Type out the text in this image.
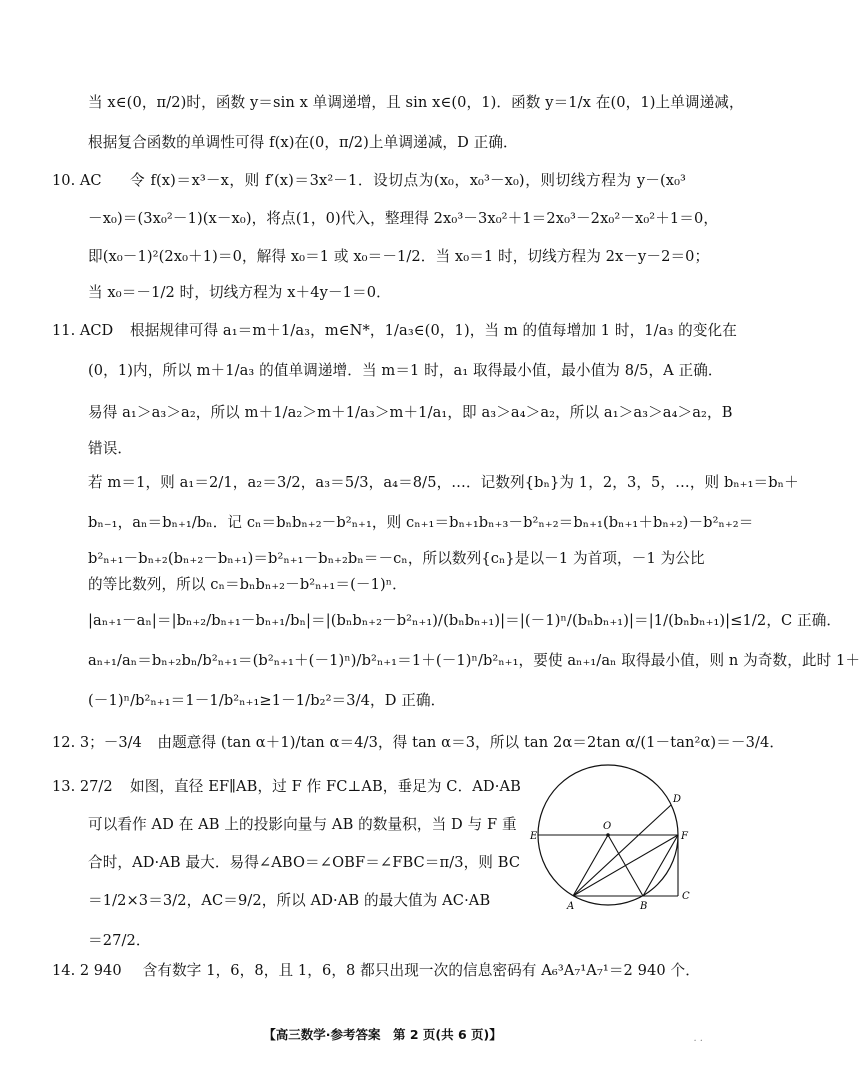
当 x∈(0，π/2)时，函数 y＝sin x 单调递增，且 sin x∈(0，1)．函数 y＝1/x 在(0，1)上单调递减，
根据复合函数的单调性可得 f(x)在(0，π/2)上单调递减，D 正确．
10. AC 令 f(x)＝x³－x，则 f′(x)＝3x²－1．设切点为(x₀，x₀³－x₀)，则切线方程为 y－(x₀³
－x₀)＝(3x₀²－1)(x－x₀)，将点(1，0)代入，整理得 2x₀³－3x₀²＋1＝2x₀³－2x₀²－x₀²＋1＝0，
即(x₀－1)²(2x₀＋1)＝0，解得 x₀＝1 或 x₀＝－1/2．当 x₀＝1 时，切线方程为 2x－y－2＝0；
当 x₀＝－1/2 时，切线方程为 x＋4y－1＝0．
11. ACD 根据规律可得 a₁＝m＋1/a₃，m∈N*，1/a₃∈(0，1)，当 m 的值每增加 1 时，1/a₃ 的变化在
(0，1)内，所以 m＋1/a₃ 的值单调递增．当 m＝1 时，a₁ 取得最小值，最小值为 8/5，A 正确．
易得 a₁＞a₃＞a₂，所以 m＋1/a₂＞m＋1/a₃＞m＋1/a₁，即 a₃＞a₄＞a₂，所以 a₁＞a₃＞a₄＞a₂，B
错误．
若 m＝1，则 a₁＝2/1，a₂＝3/2，a₃＝5/3，a₄＝8/5，…．记数列{bₙ}为 1，2，3，5，…，则 bₙ₊₁＝bₙ＋
bₙ₋₁，aₙ＝bₙ₊₁/bₙ．记 cₙ＝bₙbₙ₊₂－b²ₙ₊₁，则 cₙ₊₁＝bₙ₊₁bₙ₊₃－b²ₙ₊₂＝bₙ₊₁(bₙ₊₁＋bₙ₊₂)－b²ₙ₊₂＝
b²ₙ₊₁－bₙ₊₂(bₙ₊₂－bₙ₊₁)＝b²ₙ₊₁－bₙ₊₂bₙ＝－cₙ，所以数列{cₙ}是以－1 为首项，－1 为公比
的等比数列，所以 cₙ＝bₙbₙ₊₂－b²ₙ₊₁＝(－1)ⁿ．
|aₙ₊₁－aₙ|＝|bₙ₊₂/bₙ₊₁－bₙ₊₁/bₙ|＝|(bₙbₙ₊₂－b²ₙ₊₁)/(bₙbₙ₊₁)|＝|(－1)ⁿ/(bₙbₙ₊₁)|＝|1/(bₙbₙ₊₁)|≤1/2，C 正确．
aₙ₊₁/aₙ＝bₙ₊₂bₙ/b²ₙ₊₁＝(b²ₙ₊₁＋(－1)ⁿ)/b²ₙ₊₁＝1＋(－1)ⁿ/b²ₙ₊₁，要使 aₙ₊₁/aₙ 取得最小值，则 n 为奇数，此时 1＋
(－1)ⁿ/b²ₙ₊₁＝1－1/b²ₙ₊₁≥1－1/b₂²＝3/4，D 正确．
12. 3；－3/4
　　由题意得 (tan α＋1)/tan α＝4/3，得 tan α＝3，所以 tan 2α＝2tan α/(1－tan²α)＝－3/4．
13. 27/2 如图，直径 EF∥AB，过 F 作 FC⊥AB，垂足为 C．AD·AB
可以看作 AD 在 AB 上的投影向量与 AB 的数量积，当 D 与 F 重
合时，AD·AB 最大．易得∠ABO＝∠OBF＝∠FBC＝π/3，则 BC
＝1/2×3＝3/2，AC＝9/2，所以 AD·AB 的最大值为 AC·AB
＝27/2．
14. 2 940 　含有数字 1，6，8，且 1，6，8 都只出现一次的信息密码有 A₆³A₇¹A₇¹＝2 940 个．
D
O
E	F
A	B
C
【高三数学·参考答案　第 2 页(共 6 页)】	· ·
